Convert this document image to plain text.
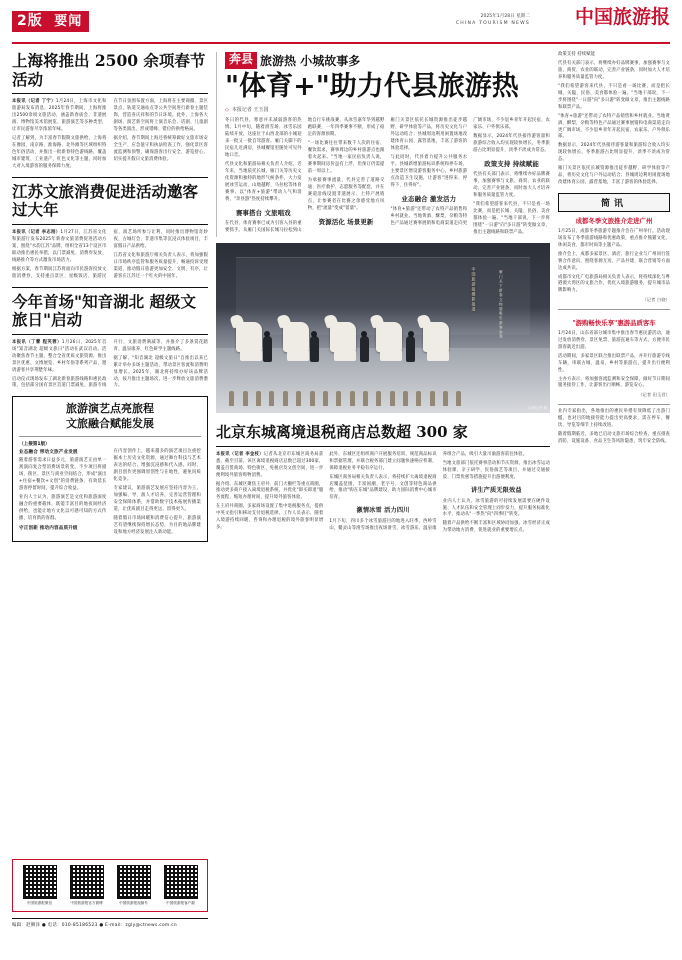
2版 要闻	2025年1月28日 星期二
CHINA TOURISM NEWS 中国旅游报
上海将推出 2500 余项春节活动

本报讯（记者 丁宁）1月24日，上海市文化和旅游局发布消息，2025年春节期间，上海将推出2500余项文旅活动，涵盖新春庙会、非遗展演、博物馆美术馆展览、旅游演艺等多种类型，让市民游客尽享浓浓年味。

记者了解到，为丰富春节假期文旅供给，上海将在豫园、南京路、淮海路、北外滩等区域组织特色年俗活动，并推出一批新春特色游线路，覆盖城市建筑、工业遗产、红色文化等主题，同时加大对入境游客的服务保障力度。

在节日氛围布置方面，上海将在主要商圈、景区景点、轨道交通站点等公共空间进行新春主题装饰，营造喜庆祥和的节日环境。此外，上海各大剧场、演艺新空间将上演音乐会、话剧、儿童剧等各类演出，形成错峰、错位的供给格局。

据介绍，春节期间上海还将统筹做好文旅市场安全生产、应急值守和执法检查工作，强化景区客流监测和预警，确保游客出行安全、游览舒心，切实提升假日文旅消费体验。

江苏文旅消费促进活动邀客过大年

本报讯（记者 李志刚）1月27日，江苏省文化和旅游厅发布2025年新春文旅消费促进活动方案，围绕"水韵江苏"品牌，组织全省13个设区市联动推出惠民举措，以门票减免、消费券发放、线路推介等方式激发市场活力。

根据方案，春节期间江苏将面向市民游客投放文旅消费券，支持重点景区、星级饭店、旅游民宿、演艺场所参与让利，同时推出博物馆奇妙夜、古城灯会、非遗市集等沉浸式体验项目，丰富假日产品供给。

江苏省文化和旅游厅相关负责人表示，将加强假日市场秩序监管和服务质量提升，畅通投诉受理渠道，推动假日旅游更加安全、文明、有序，让游客在江苏过一个红火的中国年。

今年首场"知音湖北 超级文旅日"启动

本报讯（丁蕾 程芙蓉）1月26日，2025年首场"知音湖北 超级文旅日"活动在武汉启动。活动聚焦春节主题，整合全省优质文旅资源，推出景区优惠、文博展览、乡村年俗等系列产品，邀请游客共享荆楚年味。

启动仪式现场发布了湖北新春旅游线路和惠民政策，包括部分国有景区首道门票减免、旅游专线开行、文旅消费满减等，并推介了多条赏花踏青、温泉康养、红色研学主题线路。

据了解，"知音湖北 超级文旅日"自推出以来已累计举办多场主题活动，带动景区客流和消费明显增长。2025年，湖北将持续办好该品牌活动，按月推出主题场次，进一步释放文旅消费潜力。

旅游演艺点亮旅程
文旅融合赋能发展
（上接第1版）

业态融合 带动文旅产业发展

随着游客需求日益多元，旅游演艺正由单一观演向复合型消费场景转变。不少项目将剧场、街区、景区与商业空间结合，形成"演出+住宿+餐饮+文创"的消费链条，有效延长游客停留时间，提升综合收益。

业内人士认为，旅游演艺是文化和旅游深度融合的重要载体，既能丰富目的地夜间经济供给，也能让地方文化以可感可知的方式传播，培育新的客群。

守正创新 推动内容品质升级

在内容创作上，越来越多的演艺项目注重挖掘本土历史文化资源，通过舞台科技与艺术表达的结合，增强沉浸感和代入感。同时，剧目创作更强调原创性与在地性，避免同质化竞争。

专家建议，旅游演艺发展应坚持内容为王，加强编、导、演人才培养，完善运营管理和安全保障体系，并借助数字技术拓展传播渠道，让优质剧目走得更远、留得更久。

随着假日市场回暖和消费信心提升，旅游演艺有望继续保持增长态势，为目的地品牌建设和地方经济发展注入新动能。

中国旅游报微信	中国旅游报官方微博	中国旅游报视频号	中国旅游报客户端
编辑：赵腾泽 ● 电话：010-85186523 ● E-mail：zgly@ctnews.com.cn
奔县 旅游热 小城故事多
"体育+"助力代县旅游热
◇ 本报记者 王玉国

冬日的代县，寒意并未减弱游客的热情。1月中旬，随着滑雪场、冰雪乐园陆续开放，这座位于山西北部的小城迎来一批又一批自驾游客。雁门关脚下的民宿几近满房，县城餐馆里随处可见外地口音。

代县文化和旅游局相关负责人介绍，近年来，当地依托长城、雁门关等历史文化资源和独特的地形气候条件，大力发展冰雪运动、山地越野、马拉松等体育赛事，以"体育+旅游"带动人气和消费，"奔县游"热度持续攀升。

赛事搭台 文旅唱戏

在代县，体育赛事已成为引客入县的重要抓手。从雁门关国际长城马拉松到山地自行车挑战赛，从冰雪嘉年华到越野跑联赛，一年四季赛事不断，形成了稳定的客源预期。

"一场比赛往往带来数千人次的住宿、餐饮需求，赛事周边的乡村旅游点也跟着火起来。"当地一家民宿负责人说，赛事期间房价虽有上浮，但预订仍需提前一周以上。

为承接赛事流量，代县完善了道路交通、医疗救护、志愿服务等配套，并在赛道沿线设置非遗展示、土特产展销点，让参赛者在比赛之余感受地方风物，把"流量"变成"留量"。

资源活化 场景更新

雁门关景区依托长城资源推出徒步越野、研学体验等产品，将历史文化与户外运动结合；县城周边利用闲置场地改建体育公园、露营基地，丰富了游客的体验选择。

与此同时，代县着力提升公共服务水平。县城新增旅游标识系统和停车场，主要景区增设游客服务中心，乡村旅游点改造卫生设施，让游客"进得来、停得下、住得好"。

业态融合 激发活力

"体育+旅游"还带动了农特产品销售和乡村就业。当地黄酒、酥梨、杂粮等特色产品通过赛事展销和电商渠道走向更广阔市场，不少返乡青年开起民宿、农家乐、户外俱乐部。

数据显示，2024年代县接待游客量和旅游综合收入均实现较快增长，冬季旅游占比明显提升，淡季不淡成为常态。

政策支持 持续赋能

代县有关部门表示，将继续办好品牌赛事，加强赛事与文旅、商贸、农业的联动，完善产业链条，同时加大人才培养和服务质量监管力度。

"我们希望游客来代县，不只是看一场比赛，而是把长城、关隘、民俗、美食都体验一遍。"当地干部说，下一步将围绕"一日游"向"多日游"转变做文章，推出主题线路和联票产品。

中国旅游报摄影报道	雁门关下新春文物展吸引游客参观
本报记者 摄
北京东城离境退税商店总数超 300 家

本报讯（记者 李金枝）记者从北京市东城区商务局获悉，截至目前，该区离境退税商店总数已超过300家，覆盖百货商场、特色街区、免税店及文创空间，进一步便利境外旅客购物消费。

据介绍，东城区聚焦王府井、前门大栅栏等重点商圈，推动更多商户接入离境退税系统，并优化"即买即退"服务流程，缩短办理时间，提升境外旅客体验。

在王府井商圈，多家商场设置了集中退税服务点，提供中英文指引和移动支付退税选择。工作人员表示，随着入境游持续回暖，咨询和办理退税的境外旅客明显增多。

此外，东城区还组织商户开展服务培训，规范商品标识和票据管理，并联合税务部门建立问题快速响应机制，保障退税业务平稳有序运行。

东城区商务局相关负责人表示，将持续扩大离境退税商店覆盖范围，丰富国潮、老字号、文创等特色商品供给，推动"购在东城"品牌建设，助力国际消费中心城市培育。

激情冰雪 活力四川

1月下旬，四川多个冰雪旅游目的地进入旺季。西岭雪山、鳖灵山等滑雪场推出夜场滑雪、冰雪游乐、温泉康养组合产品，吸引大量川渝游客前往体验。

当地文旅部门依托赛事活动和节庆资源，推出冰雪运动体验课、亲子研学、民俗演艺等项目，并通过交通接驳、门票优惠等措施提升出游便利度。

讲生产质无限效益

业内人士认为，冰雪旅游的可持续发展需要在硬件设施、人才队伍和安全管理上同步发力，提升服务标准化水平，推动从"一季热"向"四季旺"转变。

随着产品供给不断丰富和区域协同加强，冰雪经济正成为带动地方消费、促进就业的重要增长点。

政策支持 持续赋能

代县有关部门表示，将继续办好品牌赛事，加强赛事与文旅、商贸、农业的联动，完善产业链条，同时加大人才培养和服务质量监管力度。

"我们希望游客来代县，不只是看一场比赛，而是把长城、关隘、民俗、美食都体验一遍。"当地干部说，下一步将围绕"一日游"向"多日游"转变做文章，推出主题线路和联票产品。

"体育+旅游"还带动了农特产品销售和乡村就业。当地黄酒、酥梨、杂粮等特色产品通过赛事展销和电商渠道走向更广阔市场，不少返乡青年开起民宿、农家乐、户外俱乐部。

数据显示，2024年代县接待游客量和旅游综合收入均实现较快增长，冬季旅游占比明显提升，淡季不淡成为常态。

雁门关景区依托长城资源推出徒步越野、研学体验等产品，将历史文化与户外运动结合；县城周边利用闲置场地改建体育公园、露营基地，丰富了游客的体验选择。

简讯
成都冬季文旅推介走进广州

1月25日，成都冬季旅游专题推介会在广州举行。活动现场发布了冬季旅游线路和优惠政策，重点推介熊猫文化、休闲美食、都市时尚等主题产品。

推介会上，成都多家景区、酒店、旅行企业与广州同行签署合作意向，围绕客源互送、产品共建、联合营销等方面达成共识。

成都市文化广电旅游局相关负责人表示，将持续深化与粤港澳大湾区的文旅合作，优化入境旅游服务，提升城市品牌影响力。

（记者 白骁）
"游购畅快乐享"惠游品质客车

1月24日，山东省部分城市集中推出春节惠民游活动，通过发放消费券、景区免票、旅游直通车等方式，方便市民游客就近出游。

活动期间，多家景区联合推出联票产品，并开行旅游专线车辆，串联古城、温泉、乡村等旅游点，提升出行便利性。

主办方表示，将加强客流监测和安全保障，做好节日期间服务接待工作，让游客出行顺畅、游览安心。

（记者 田玉君）

业内专家指出，各地推出的惠民举措有效降低了出游门槛，也对目的地接待能力提出更高要求，需在停车、餐饮、导览等细节上持续改进。

随着假期临近，多地已启动文旅市场综合检查，重点排查消防、设施设备、食品卫生等风险隐患，筑牢安全防线。
